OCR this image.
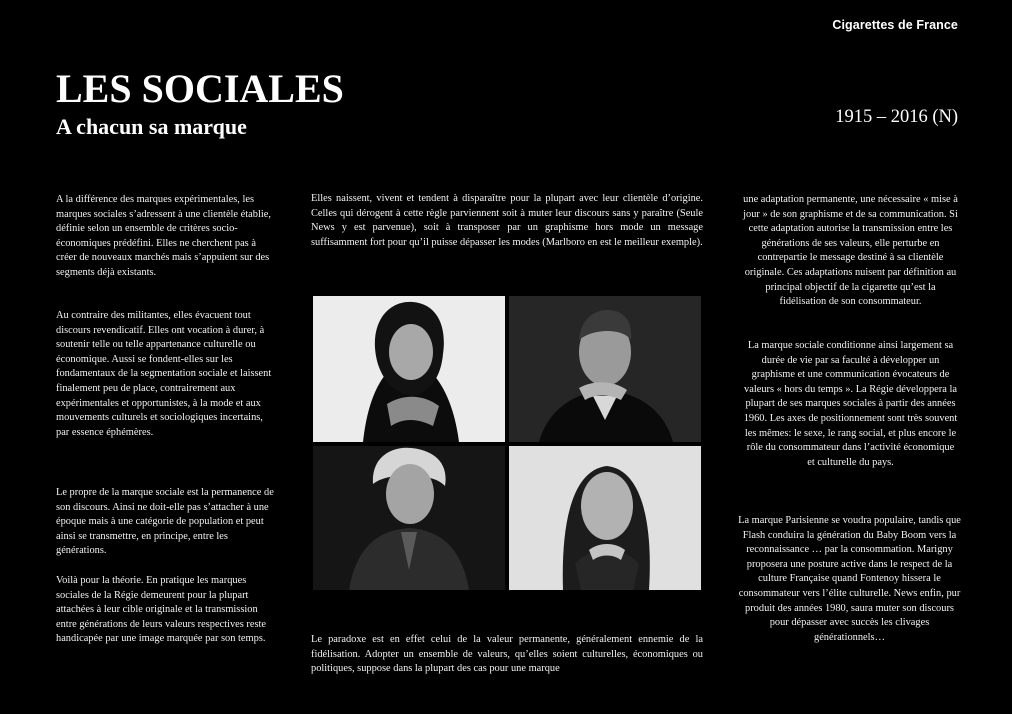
Cigarettes de France
LES SOCIALES
A chacun sa marque	1915 – 2016 (N)

A la différence des marques expérimentales, les marques sociales s’adressent à une clientèle établie, définie selon un ensemble de critères socio-économiques prédéfini. Elles ne cherchent pas à créer de nouveaux marchés mais s’appuient sur des segments déjà existants.

Au contraire des militantes, elles évacuent tout discours revendicatif. Elles ont vocation à durer, à soutenir telle ou telle appartenance culturelle ou économique. Aussi se fondent-elles sur les fondamentaux de la segmentation sociale et laissent finalement peu de place, contrairement aux expérimentales et opportunistes, à la mode et aux mouvements culturels et sociologiques incertains, par essence éphémères.

Le propre de la marque sociale est la permanence de son discours. Ainsi ne doit-elle pas s’attacher à une époque mais à une catégorie de population et peut ainsi se transmettre, en principe, entre les générations.

Voilà pour la théorie. En pratique les marques sociales de la Régie demeurent pour la plupart attachées à leur cible originale et la transmission entre générations de leurs valeurs respectives reste handicapée par une image marquée par son temps.

Elles naissent, vivent et tendent à disparaître pour la plupart avec leur clientèle d’origine. Celles qui dérogent à cette règle parviennent soit à muter leur discours sans y paraître (Seule News y est parvenue), soit à transposer par un graphisme hors mode un message suffisamment fort pour qu’il puisse dépasser les modes (Marlboro en est le meilleur exemple).

Le paradoxe est en effet celui de la valeur permanente, généralement ennemie de la fidélisation. Adopter un ensemble de valeurs, qu’elles soient culturelles, économiques ou politiques, suppose dans la plupart des cas pour une marque

une adaptation permanente, une nécessaire « mise à jour » de son graphisme et de sa communication. Si cette adaptation autorise la transmission entre les générations de ses valeurs, elle perturbe en contrepartie le message destiné à sa clientèle originale. Ces adaptations nuisent par définition au principal objectif de la cigarette qu’est la fidélisation de son consommateur.

La marque sociale conditionne ainsi largement sa durée de vie par sa faculté à développer un graphisme et une communication évocateurs de valeurs « hors du temps ». La Régie développera la plupart de ses marques sociales à partir des années 1960. Les axes de positionnement sont très souvent les mêmes: le sexe, le rang social, et plus encore le rôle du consommateur dans l’activité économique et culturelle du pays.

La marque Parisienne se voudra populaire, tandis que Flash conduira la génération du Baby Boom vers la reconnaissance … par la consommation. Marigny proposera une posture active dans le respect de la culture Française quand Fontenoy hissera le consommateur vers l’élite culturelle. News enfin, pur produit des années 1980, saura muter son discours pour dépasser avec succès les clivages générationnels…
